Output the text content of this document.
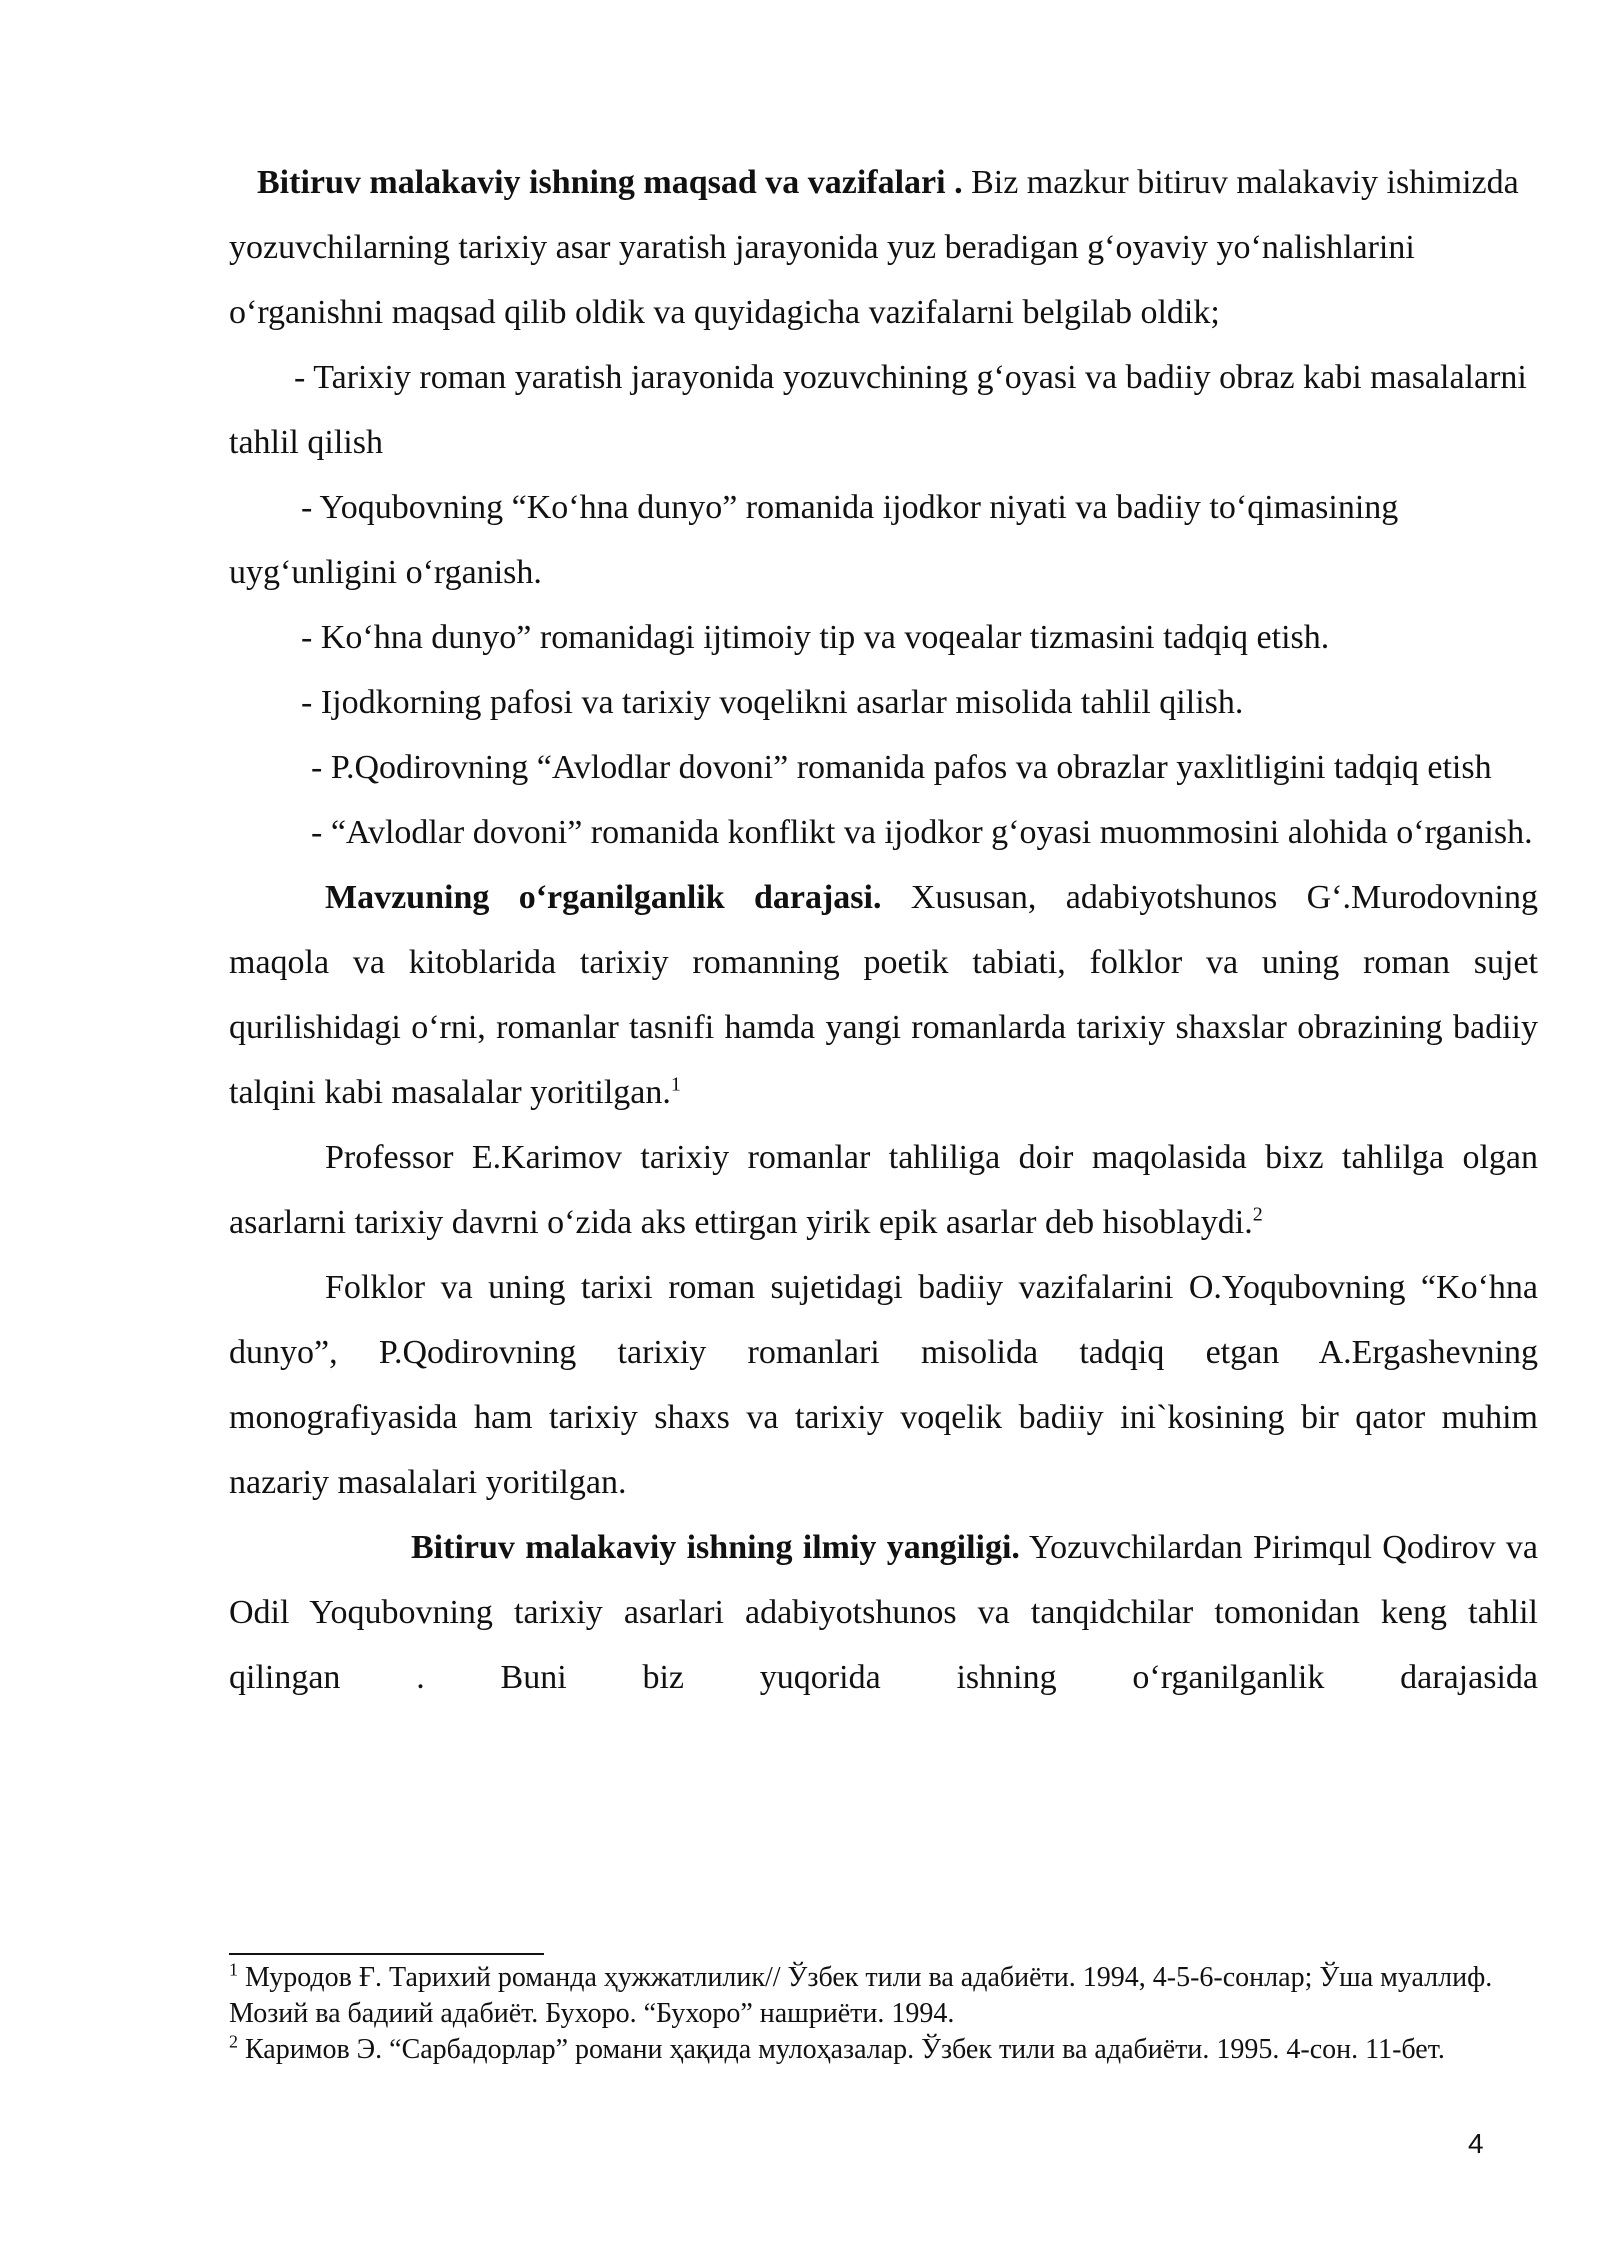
Bitiruv malakaviy ishning maqsad va vazifalari . Biz mazkur bitiruv malakaviy ishimizda yozuvchilarning tarixiy asar yaratish jarayonida yuz beradigan g‘oyaviy yo‘nalishlarini o‘rganishni maqsad qilib oldik va quyidagicha vazifalarni belgilab oldik;

- Tarixiy roman yaratish jarayonida yozuvchining g‘oyasi va badiiy obraz kabi masalalarni tahlil qilish

- Yoqubovning “Ko‘hna dunyo” romanida ijodkor niyati va badiiy to‘qimasining uyg‘unligini o‘rganish.

- Ko‘hna dunyo” romanidagi ijtimoiy tip va voqealar tizmasini tadqiq etish.

- Ijodkorning pafosi va tarixiy voqelikni asarlar misolida tahlil qilish.

- P.Qodirovning “Avlodlar dovoni” romanida pafos va obrazlar yaxlitligini tadqiq etish

- “Avlodlar dovoni” romanida konflikt va ijodkor g‘oyasi muommosini alohida o‘rganish.

Mavzuning o‘rganilganlik darajasi. Xususan, adabiyotshunos G‘.Murodovning maqola va kitoblarida tarixiy romanning poetik tabiati, folklor va uning roman sujet qurilishidagi o‘rni, romanlar tasnifi hamda yangi romanlarda tarixiy shaxslar obrazining badiiy talqini kabi masalalar yoritilgan.$^1$

Professor E.Karimov tarixiy romanlar tahliliga doir maqolasida bixz tahlilga olgan asarlarni tarixiy davrni o‘zida aks ettirgan yirik epik asarlar deb hisoblaydi.$^2$

Folklor va uning tarixi roman sujetidagi badiiy vazifalarini O.Yoqubovning “Ko‘hna dunyo”, P.Qodirovning tarixiy romanlari misolida tadqiq etgan A.Ergashevning monografiyasida ham tarixiy shaxs va tarixiy voqelik badiiy ini`kosining bir qator muhim nazariy masalalari yoritilgan.

Bitiruv malakaviy ishning ilmiy yangiligi. Yozuvchilardan Pirimqul Qodirov va Odil Yoqubovning tarixiy asarlari adabiyotshunos va tanqidchilar tomonidan keng tahlil qilingan . Buni biz yuqorida ishning o‘rganilganlik darajasida

$^1$ Муродов Ғ. Тарихий романда ҳужжатлилик// Ўзбек тили ва адабиёти. 1994, 4-5-6-сонлар; Ўша муаллиф. Мозий ва бадиий адабиёт. Бухоро. “Бухоро” нашриёти. 1994.

$^2$ Каримов Э. “Сарбадорлар” романи ҳақида мулоҳазалар. Ўзбек тили ва адабиёти. 1995. 4-сон. 11-бет.

4
